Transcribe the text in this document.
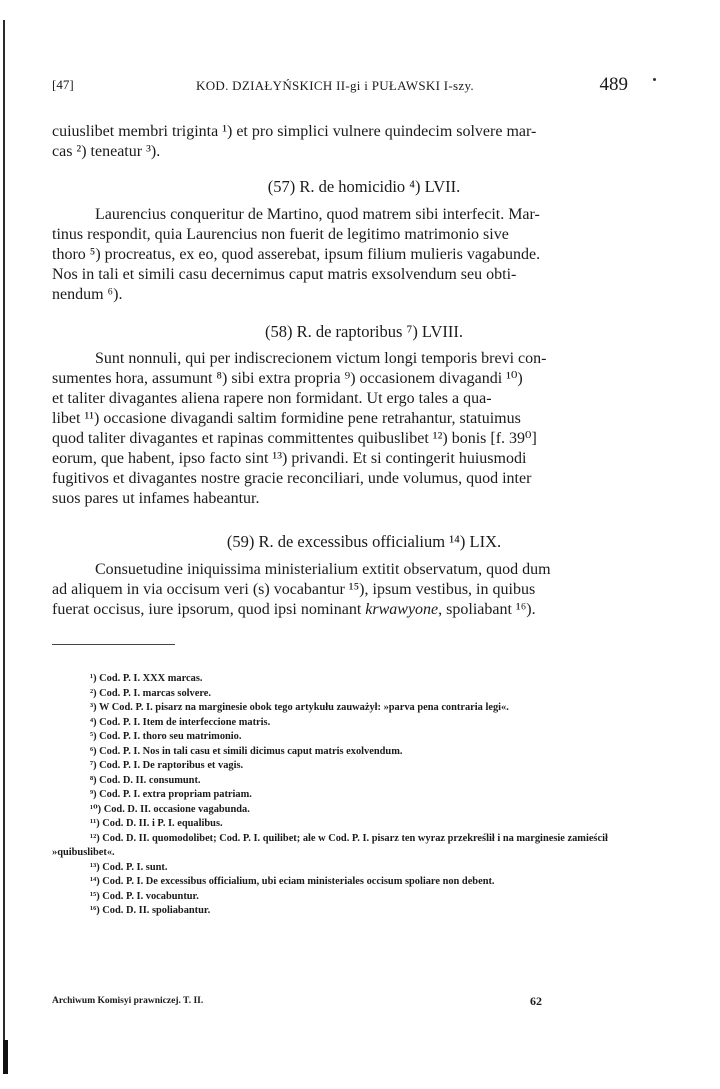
[47]	KOD. DZIAŁYŃSKICH II-gi i PUŁAWSKI I-szy.	489

cuiuslibet membri triginta ¹) et pro simplici vulnere quindecim solvere mar-
cas ²) teneatur ³).

(57) R. de homicidio ⁴) LVII.

Laurencius conqueritur de Martino, quod matrem sibi interfecit. Mar-
tinus respondit, quia Laurencius non fuerit de legitimo matrimonio sive
thoro ⁵) procreatus, ex eo, quod asserebat, ipsum filium mulieris vagabunde.
Nos in tali et simili casu decernimus caput matris exsolvendum seu obti-
nendum ⁶).

(58) R. de raptoribus ⁷) LVIII.

Sunt nonnuli, qui per indiscrecionem victum longi temporis brevi con-
sumentes hora, assumunt ⁸) sibi extra propria ⁹) occasionem divagandi ¹⁰)
et taliter divagantes aliena rapere non formidant. Ut ergo tales a qua-
libet ¹¹) occasione divagandi saltim formidine pene retrahantur, statuimus
quod taliter divagantes et rapinas committentes quibuslibet ¹²) bonis [f. 39⁰]
eorum, que habent, ipso facto sint ¹³) privandi. Et si contingerit huiusmodi
fugitivos et divagantes nostre gracie reconciliari, unde volumus, quod inter
suos pares ut infames habeantur.

(59) R. de excessibus officialium ¹⁴) LIX.

Consuetudine iniquissima ministerialium extitit observatum, quod dum
ad aliquem in via occisum veri (s) vocabantur ¹⁵), ipsum vestibus, in quibus
fuerat occisus, iure ipsorum, quod ipsi nominant krwawyone, spoliabant ¹⁶).

¹) Cod. P. I. XXX marcas.
²) Cod. P. I. marcas solvere.
³) W Cod. P. I. pisarz na marginesie obok tego artykułu zauważył: »parva pena contraria legi«.
⁴) Cod. P. I. Item de interfeccione matris.
⁵) Cod. P. I. thoro seu matrimonio.
⁶) Cod. P. I. Nos in tali casu et simili dicimus caput matris exolvendum.
⁷) Cod. P. I. De raptoribus et vagis.
⁸) Cod. D. II. consumunt.
⁹) Cod. P. I. extra propriam patriam.
¹⁰) Cod. D. II. occasione vagabunda.
¹¹) Cod. D. II. i P. I. equalibus.
¹²) Cod. D. II. quomodolibet; Cod. P. I. quilibet; ale w Cod. P. I. pisarz ten wyraz przekreślił i na marginesie zamieścił »quibuslibet«.
¹³) Cod. P. I. sunt.
¹⁴) Cod. P. I. De excessibus officialium, ubi eciam ministeriales occisum spoliare non debent.
¹⁵) Cod. P. I. vocabuntur.
¹⁶) Cod. D. II. spoliabantur.
Archiwum Komisyi prawniczej. T. II.	62
